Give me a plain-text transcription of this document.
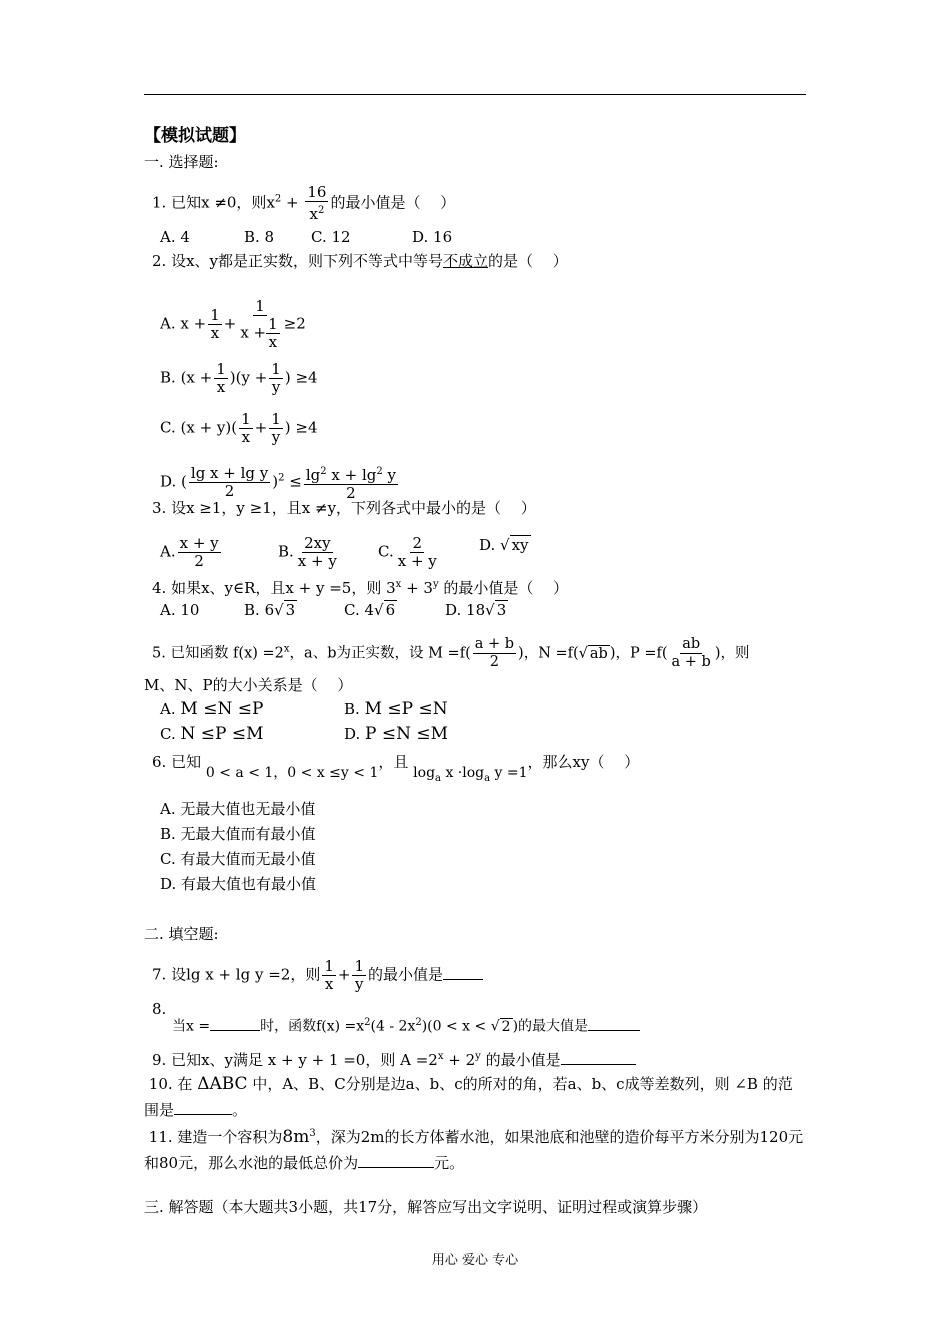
【模拟试题】
一. 选择题:
1. 已知x ≠0，则$x^2 + \frac{16}{x^2}$ 的最小值是（　 ）
A. 4	B. 8 C. 12	D. 16
2. 设x、y都是正实数，则下列不等式中等号不成立的是（　 ）
A. $x + \frac{1}{x} + \frac{1}{x + \frac{1}{x}} \ge 2$
B. $(x + \frac{1}{x} )(y + \frac{1}{y}$ ) ≥4
C. $(x + y)( \frac{1}{x} + \frac{1}{y}$ ) ≥4
D. ( $\frac{\text{lg x + lg y}}{2} )^2 \le \frac{\lg^2 x + \lg^2 y}{2}$
3. 设x ≥1，y ≥1，且x ≠y，下列各式中最小的是（　 ）
A. $\frac{x + y}{2}$	B. $\frac{2xy}{x + y}$	C. $\frac{2}{x + y}$	D. √ xy
4. 如果x、y∈R，且x + y =5，则 $3^x + 3^y$ 的最小值是（　 ）
A. 10	B. 6√ 3	C. 4√ 6	D. 18√ 3
5. 已知函数 $f(x) =2^x$，a、b为正实数，设 $M =f( \frac{a + b}{2}$ )，N =f(√ ab )，$P =f( \frac{ab}{a + b}$ )，则
M、N、P的大小关系是（　 ）
A. M ≤N ≤P	B. M ≤P ≤N
C. N ≤P ≤M	D. P ≤N ≤M
6. 已知 0 < a < 1，0 < x ≤y < 1，且 $\log_a x \cdot\log_a$ y =1，那么xy（　 ）
A. 无最大值也无最小值
B. 无最大值而有最小值
C. 有最大值而无最小值
D. 有最大值也有最小值
二. 填空题:
7. 设lg x + lg y =2，则 $\frac{1}{x} + \frac{1}{y}$ 的最小值是
8.
当x =	时，函数$f(x) =x^2(4 - 2x^2)(0 < x$ < √ 2 )的最大值是
9. 已知x、y满足 x + y + 1 =0，则 $A =2^x + 2^y$ 的最小值是
10. 在 ΔABC 中，A、B、C分别是边a、b、c的所对的角，若a、b、c成等差数列，则 ∠B 的范围是	。
11. 建造一个容积为$8m^3$，深为2m的长方体蓄水池，如果池底和池壁的造价每平方米分别为120元和80元，那么水池的最低总价为	元。
三. 解答题（本大题共3小题，共17分，解答应写出文字说明、证明过程或演算步骤）
用心 爱心 专心
